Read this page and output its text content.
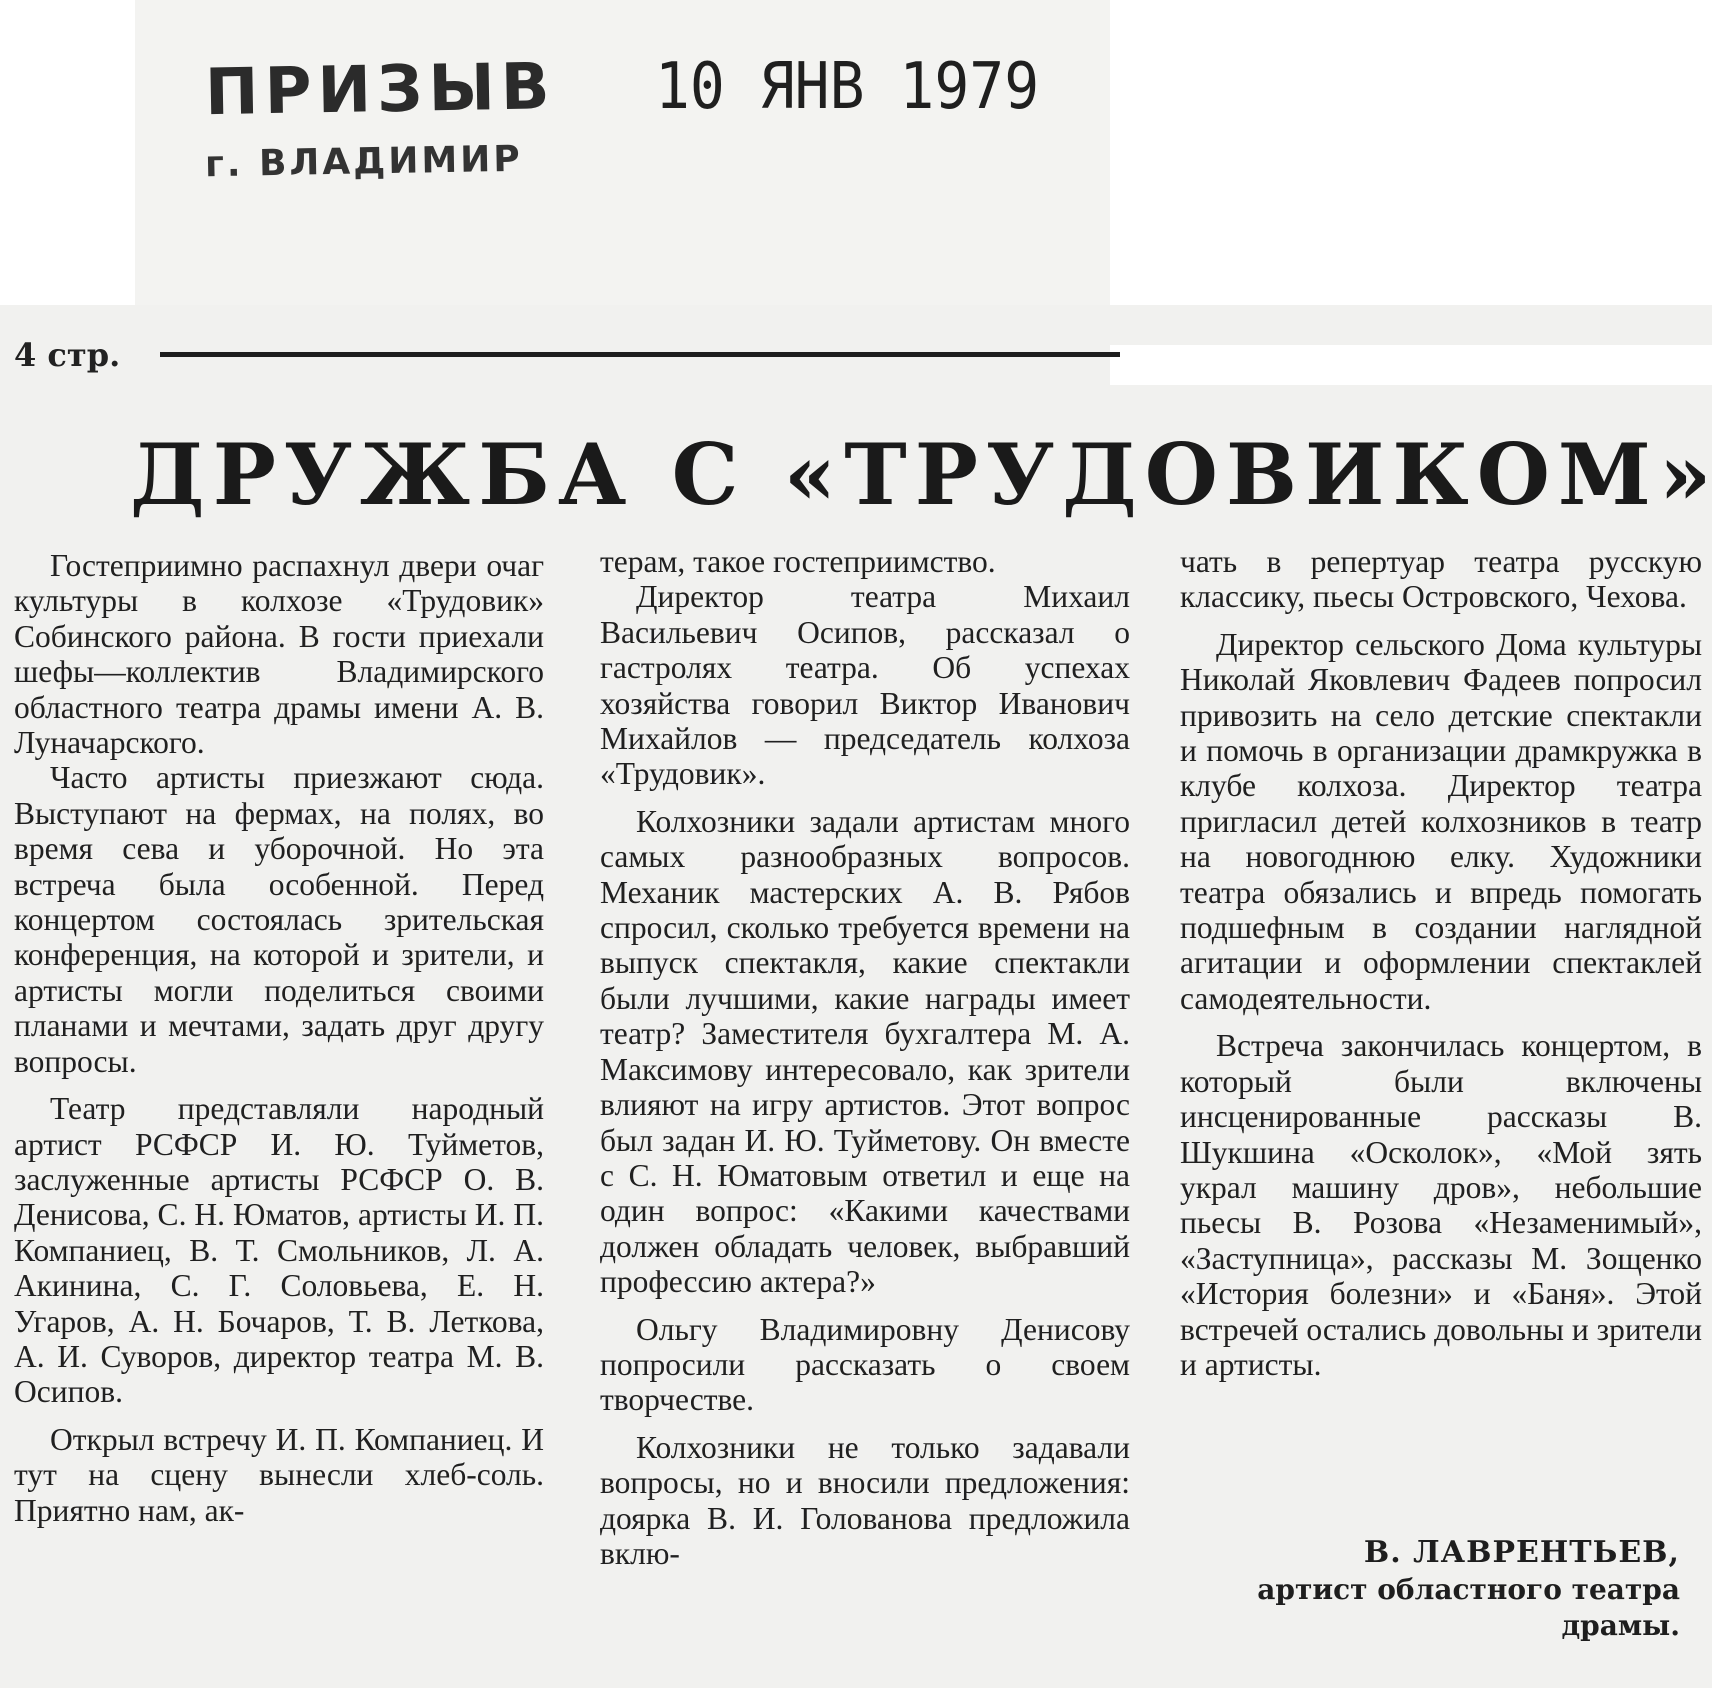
ПРИЗЫВ
г. ВЛАДИМИР
10 ЯНВ 1979
4 стр.
ДРУЖБА С «ТРУДОВИКОМ»

Гостеприимно распахнул двери очаг культуры в колхозе «Трудовик» Собинского района. В гости приехали шефы—коллектив Владимирского областного театра драмы имени А. В. Луначарского.

Часто артисты приезжают сюда. Выступают на фермах, на полях, во время сева и уборочной. Но эта встреча была особенной. Перед концертом состоялась зрительская конференция, на которой и зрители, и артисты могли поделиться своими планами и мечтами, задать друг другу вопросы.

Театр представляли народный артист РСФСР И. Ю. Туйметов, заслуженные артисты РСФСР О. В. Денисова, С. Н. Юматов, артисты И. П. Компаниец, В. Т. Смольников, Л. А. Акинина, С. Г. Соловьева, Е. Н. Угаров, А. Н. Бочаров, Т. В. Леткова, А. И. Суворов, директор театра М. В. Осипов.

Открыл встречу И. П. Компаниец. И тут на сцену вынесли хлеб-соль. Приятно нам, ак-

терам, такое гостеприимство.

Директор театра Михаил Васильевич Осипов, рассказал о гастролях театра. Об успехах хозяйства говорил Виктор Иванович Михайлов — председатель колхоза «Трудовик».

Колхозники задали артистам много самых разнообразных вопросов. Механик мастерских А. В. Рябов спросил, сколько требуется времени на выпуск спектакля, какие спектакли были лучшими, какие награды имеет театр? Заместителя бухгалтера М. А. Максимову интересовало, как зрители влияют на игру артистов. Этот вопрос был задан И. Ю. Туйметову. Он вместе с С. Н. Юматовым ответил и еще на один вопрос: «Какими качествами должен обладать человек, выбравший профессию актера?»

Ольгу Владимировну Денисову попросили рассказать о своем творчестве.

Колхозники не только задавали вопросы, но и вносили предложения: доярка В. И. Голованова предложила вклю-

чать в репертуар театра русскую классику, пьесы Островского, Чехова.

Директор сельского Дома культуры Николай Яковлевич Фадеев попросил привозить на село детские спектакли и помочь в организации драмкружка в клубе колхоза. Директор театра пригласил детей колхозников в театр на новогоднюю елку. Художники театра обязались и впредь помогать подшефным в создании наглядной агитации и оформлении спектаклей самодеятельности.

Встреча закончилась концертом, в который были включены инсценированные рассказы В. Шукшина «Осколок», «Мой зять украл машину дров», небольшие пьесы В. Розова «Незаменимый», «Заступница», рассказы М. Зощенко «История болезни» и «Баня». Этой встречей остались довольны и зрители и артисты.

В. ЛАВРЕНТЬЕВ,
артист областного театра
драмы.
